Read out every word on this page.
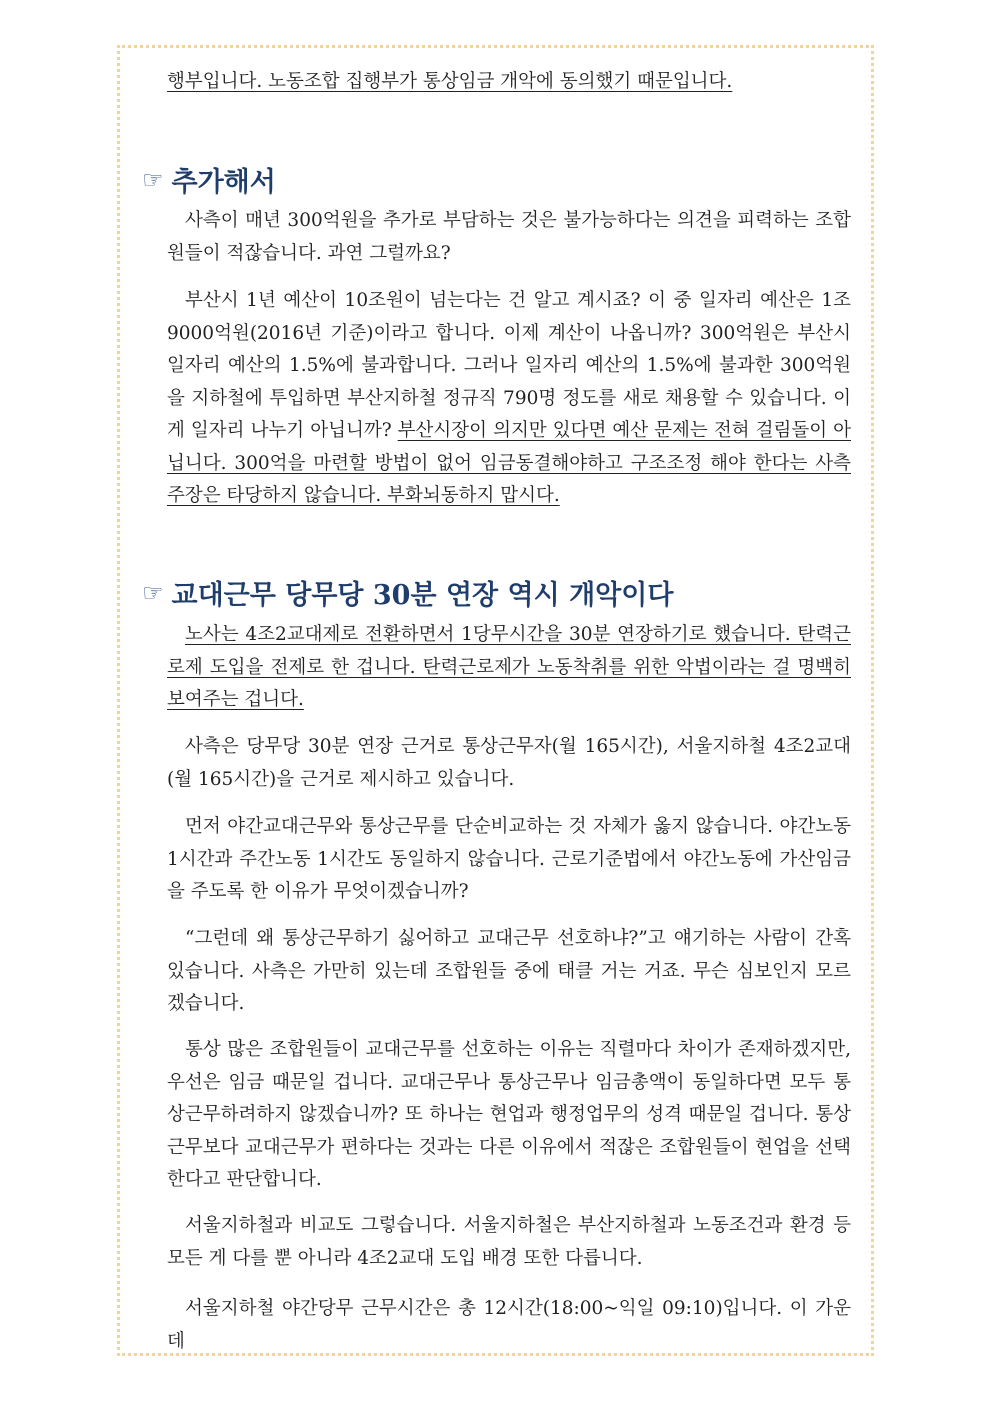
행부입니다. 노동조합 집행부가 통상임금 개악에 동의했기 때문입니다.

☞ 추가해서

사측이 매년 300억원을 추가로 부담하는 것은 불가능하다는 의견을 피력하는 조합원들이 적잖습니다. 과연 그럴까요?

부산시 1년 예산이 10조원이 넘는다는 건 알고 계시죠? 이 중 일자리 예산은 1조9000억원(2016년 기준)이라고 합니다. 이제 계산이 나옵니까? 300억원은 부산시 일자리 예산의 1.5%에 불과합니다. 그러나 일자리 예산의 1.5%에 불과한 300억원을 지하철에 투입하면 부산지하철 정규직 790명 정도를 새로 채용할 수 있습니다. 이게 일자리 나누기 아닙니까? 부산시장이 의지만 있다면 예산 문제는 전혀 걸림돌이 아닙니다. 300억을 마련할 방법이 없어 임금동결해야하고 구조조정 해야 한다는 사측 주장은 타당하지 않습니다. 부화뇌동하지 맙시다.

☞ 교대근무 당무당 30분 연장 역시 개악이다

노사는 4조2교대제로 전환하면서 1당무시간을 30분 연장하기로 했습니다. 탄력근로제 도입을 전제로 한 겁니다. 탄력근로제가 노동착취를 위한 악법이라는 걸 명백히 보여주는 겁니다.

사측은 당무당 30분 연장 근거로 통상근무자(월 165시간), 서울지하철 4조2교대(월 165시간)을 근거로 제시하고 있습니다.

먼저 야간교대근무와 통상근무를 단순비교하는 것 자체가 옳지 않습니다. 야간노동 1시간과 주간노동 1시간도 동일하지 않습니다. 근로기준법에서 야간노동에 가산임금을 주도록 한 이유가 무엇이겠습니까?

“그런데 왜 통상근무하기 싫어하고 교대근무 선호하냐?”고 얘기하는 사람이 간혹 있습니다. 사측은 가만히 있는데 조합원들 중에 태클 거는 거죠. 무슨 심보인지 모르겠습니다.

통상 많은 조합원들이 교대근무를 선호하는 이유는 직렬마다 차이가 존재하겠지만, 우선은 임금 때문일 겁니다. 교대근무나 통상근무나 임금총액이 동일하다면 모두 통상근무하려하지 않겠습니까? 또 하나는 현업과 행정업무의 성격 때문일 겁니다. 통상근무보다 교대근무가 편하다는 것과는 다른 이유에서 적잖은 조합원들이 현업을 선택한다고 판단합니다.

서울지하철과 비교도 그렇습니다. 서울지하철은 부산지하철과 노동조건과 환경 등 모든 게 다를 뿐 아니라 4조2교대 도입 배경 또한 다릅니다.

서울지하철 야간당무 근무시간은 총 12시간(18:00~익일 09:10)입니다. 이 가운데
